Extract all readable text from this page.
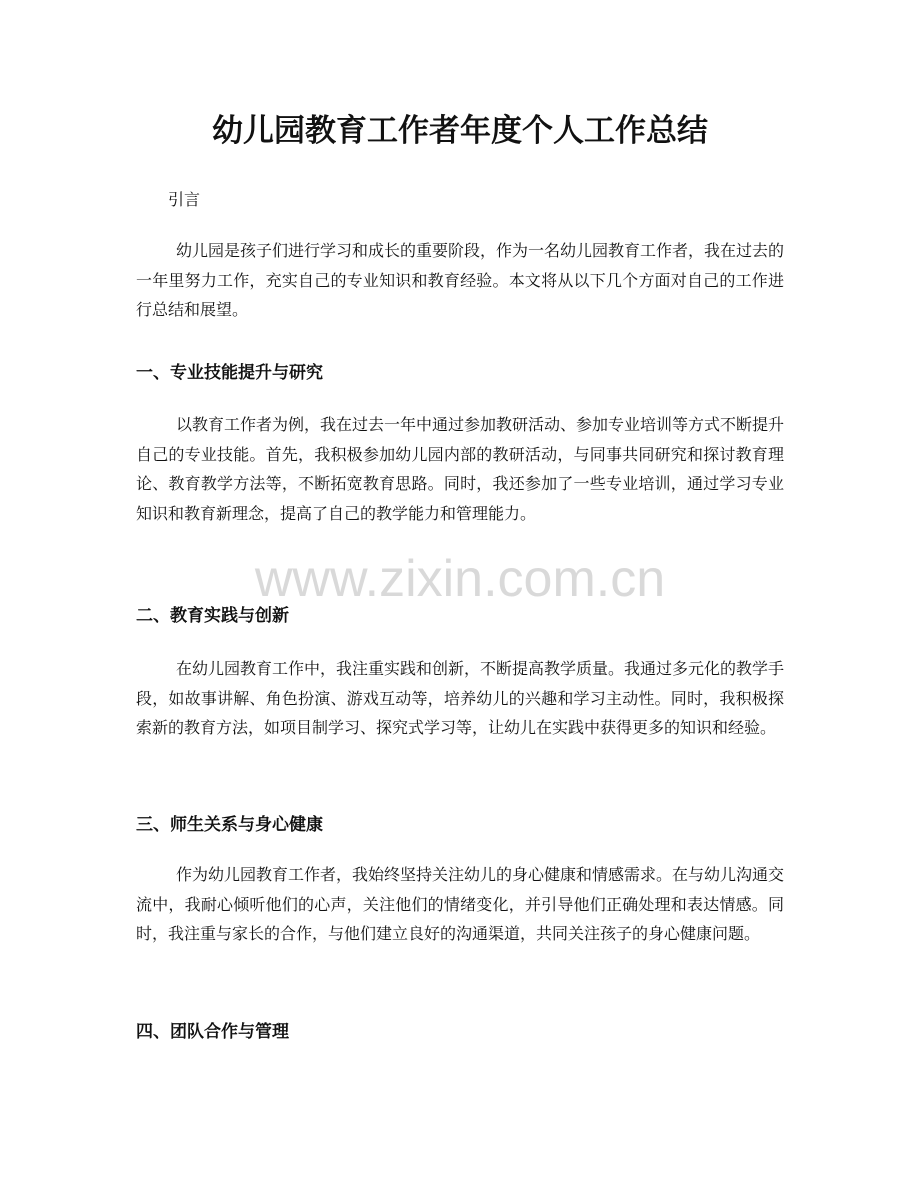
幼儿园教育工作者年度个人工作总结

引言

幼儿园是孩子们进行学习和成长的重要阶段，作为一名幼儿园教育工作者，我在过去的一年里努力工作，充实自己的专业知识和教育经验。本文将从以下几个方面对自己的工作进行总结和展望。

一、专业技能提升与研究

以教育工作者为例，我在过去一年中通过参加教研活动、参加专业培训等方式不断提升自己的专业技能。首先，我积极参加幼儿园内部的教研活动，与同事共同研究和探讨教育理论、教育教学方法等，不断拓宽教育思路。同时，我还参加了一些专业培训，通过学习专业知识和教育新理念，提高了自己的教学能力和管理能力。

二、教育实践与创新

在幼儿园教育工作中，我注重实践和创新，不断提高教学质量。我通过多元化的教学手段，如故事讲解、角色扮演、游戏互动等，培养幼儿的兴趣和学习主动性。同时，我积极探索新的教育方法，如项目制学习、探究式学习等，让幼儿在实践中获得更多的知识和经验。

三、师生关系与身心健康

作为幼儿园教育工作者，我始终坚持关注幼儿的身心健康和情感需求。在与幼儿沟通交流中，我耐心倾听他们的心声，关注他们的情绪变化，并引导他们正确处理和表达情感。同时，我注重与家长的合作，与他们建立良好的沟通渠道，共同关注孩子的身心健康问题。

四、团队合作与管理
www.zixin.com.cn
